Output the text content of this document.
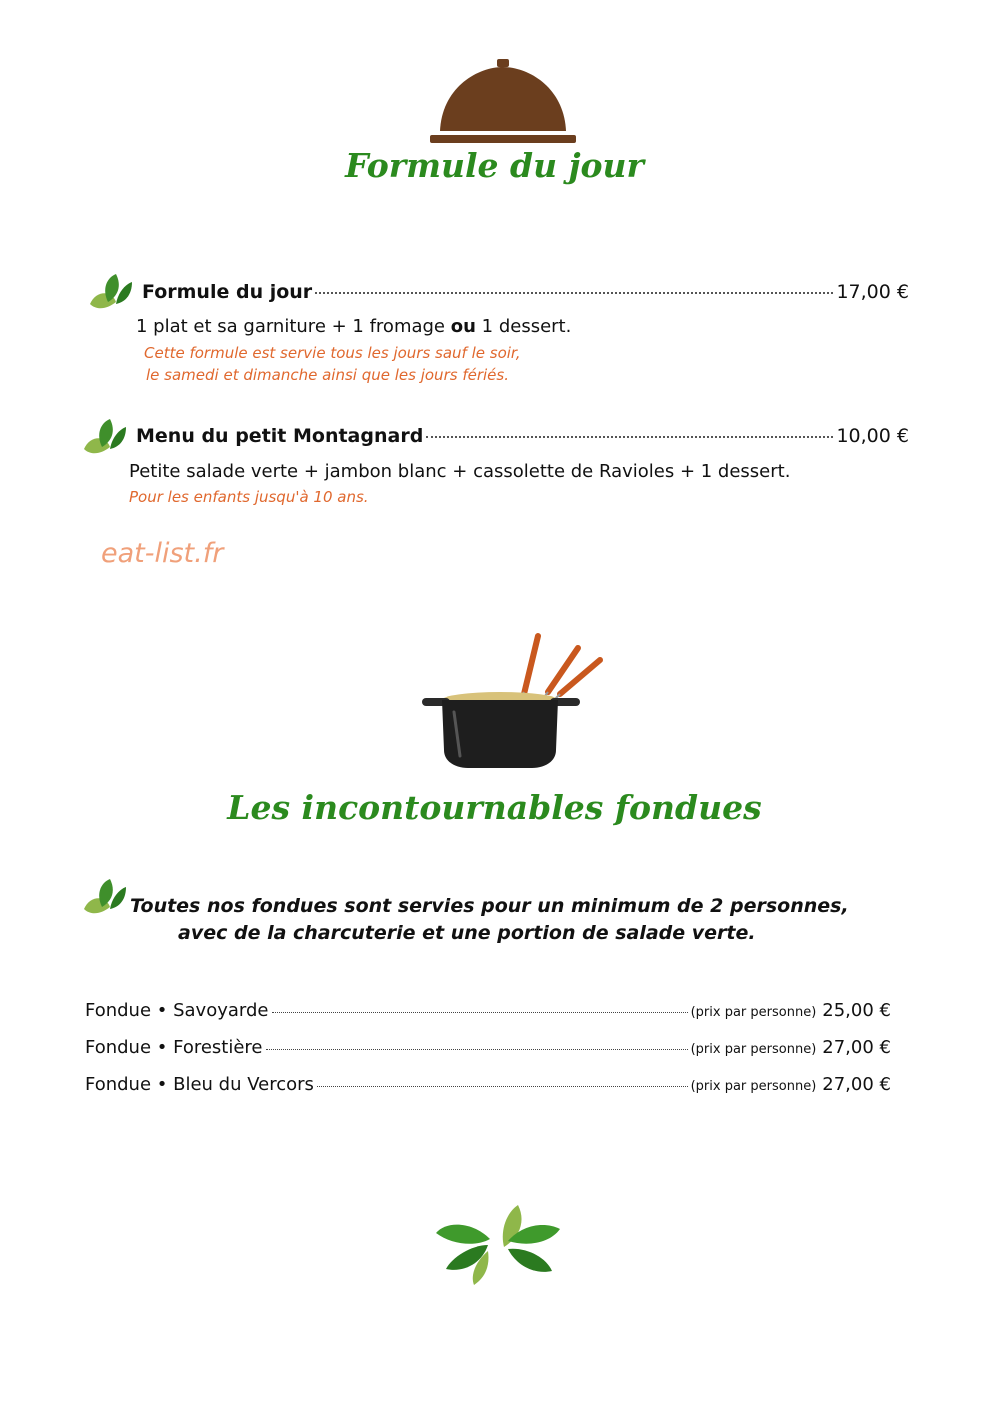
Formule du jour
Formule du jour	17,00 €
1 plat et sa garniture + 1 fromage ou 1 dessert.
Cette formule est servie tous les jours sauf le soir,
le samedi et dimanche ainsi que les jours fériés.
Menu du petit Montagnard	10,00 €
Petite salade verte + jambon blanc + cassolette de Ravioles + 1 dessert.
Pour les enfants jusqu'à 10 ans.
eat-list.fr
Les incontournables fondues
Toutes nos fondues sont servies pour un minimum de 2 personnes,
avec de la charcuterie et une portion de salade verte.
Fondue • Savoyarde	(prix par personne) 25,00 €
Fondue • Forestière	(prix par personne) 27,00 €
Fondue • Bleu du Vercors	(prix par personne) 27,00 €
